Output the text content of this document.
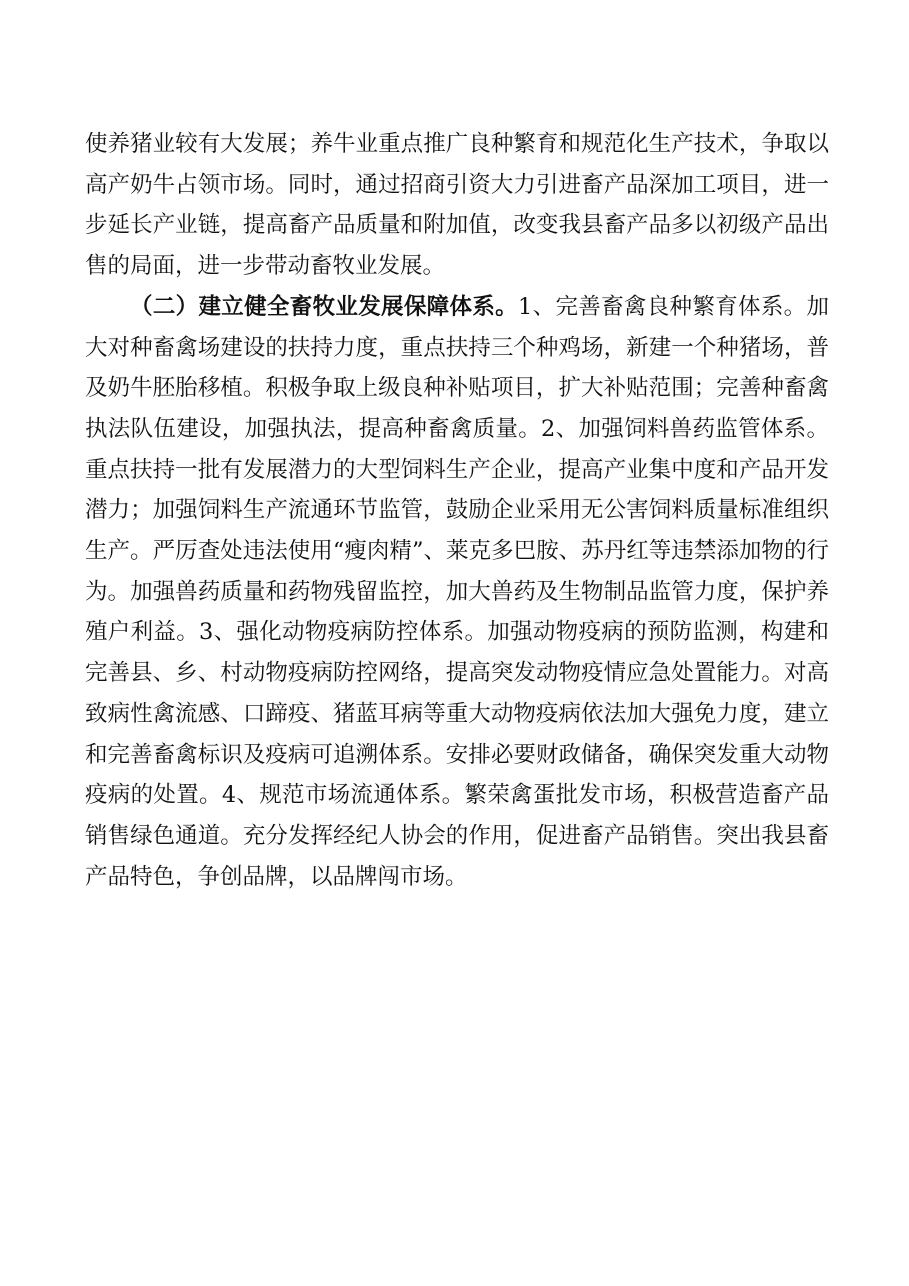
使养猪业较有大发展；养牛业重点推广良种繁育和规范化生产技术，争取以高产奶牛占领市场。同时，通过招商引资大力引进畜产品深加工项目，进一步延长产业链，提高畜产品质量和附加值，改变我县畜产品多以初级产品出售的局面，进一步带动畜牧业发展。

（二）建立健全畜牧业发展保障体系。1、完善畜禽良种繁育体系。加大对种畜禽场建设的扶持力度，重点扶持三个种鸡场，新建一个种猪场，普及奶牛胚胎移植。积极争取上级良种补贴项目，扩大补贴范围；完善种畜禽执法队伍建设，加强执法，提高种畜禽质量。2、加强饲料兽药监管体系。重点扶持一批有发展潜力的大型饲料生产企业，提高产业集中度和产品开发潜力；加强饲料生产流通环节监管，鼓励企业采用无公害饲料质量标准组织生产。严厉查处违法使用“瘦肉精”、莱克多巴胺、苏丹红等违禁添加物的行为。加强兽药质量和药物残留监控，加大兽药及生物制品监管力度，保护养殖户利益。3、强化动物疫病防控体系。加强动物疫病的预防监测，构建和完善县、乡、村动物疫病防控网络，提高突发动物疫情应急处置能力。对高致病性禽流感、口蹄疫、猪蓝耳病等重大动物疫病依法加大强免力度，建立和完善畜禽标识及疫病可追溯体系。安排必要财政储备，确保突发重大动物疫病的处置。4、规范市场流通体系。繁荣禽蛋批发市场，积极营造畜产品销售绿色通道。充分发挥经纪人协会的作用，促进畜产品销售。突出我县畜产品特色，争创品牌，以品牌闯市场。
